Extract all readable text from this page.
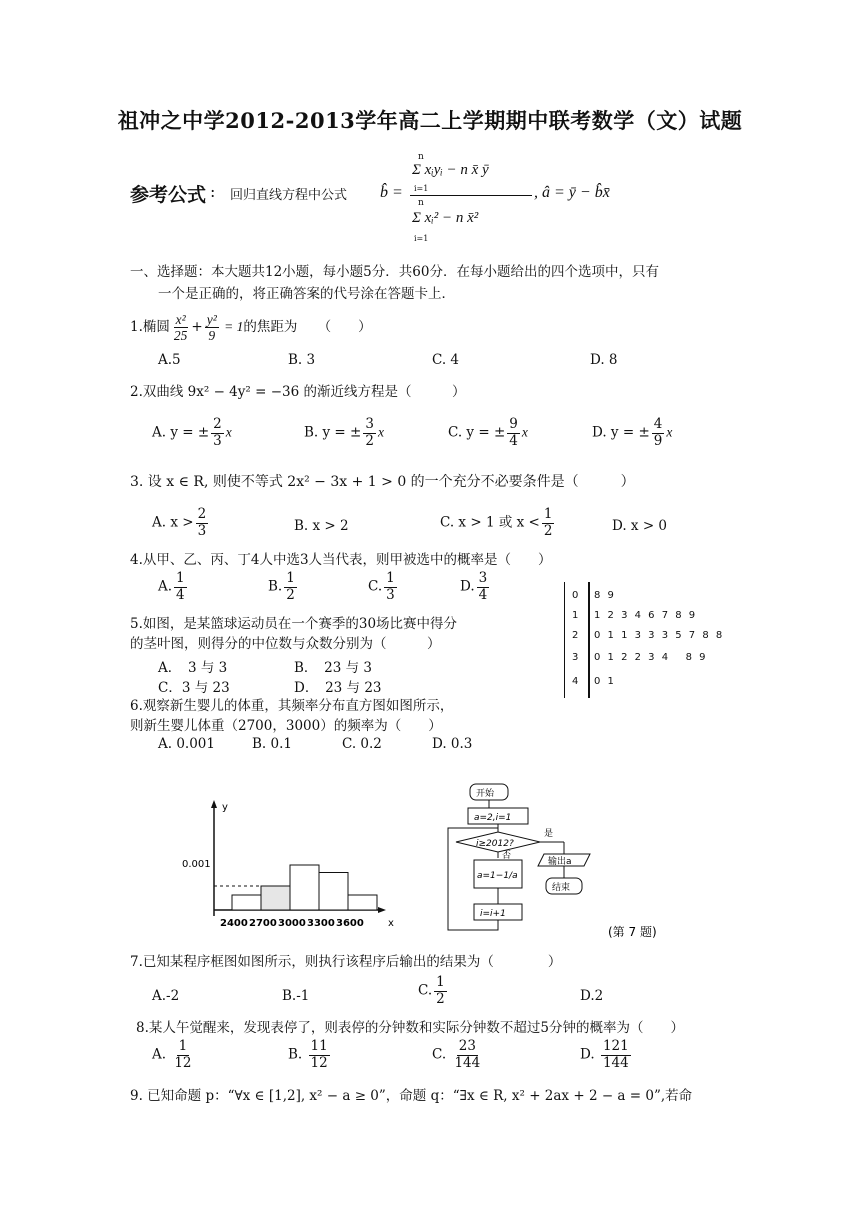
祖冲之中学2012-2013学年高二上学期期中联考数学（文）试题
参考公式 : 回归直线方程中公式 b̂ =
n
Σ xᵢyᵢ − n x̄ ȳ
i=1
n
Σ xᵢ² − n x̄²
i=1
, â = ȳ − b̂x̄
一、选择题：本大题共12小题，每小题5分．共60分．在每小题给出的四个选项中，只有
一个是正确的，将正确答案的代号涂在答题卡上．
1.椭圆 $\frac{\text{x²}}{25} + \frac{\text{y²}}{9} = 1$的焦距为　　（　　）
A.5	B. 3	C. 4	D. 8
2.双曲线 9x² − 4y² = −36 的渐近线方程是（　　　）
A. y = ± $\frac{2}{3}$ x	B. y = ± $\frac{3}{2}$ x	C. y = ± $\frac{9}{4}$ x	D. y = ± $\frac{4}{9}$ x
3. 设 x ∈ R, 则使不等式 2x² − 3x + 1 > 0 的一个充分不必要条件是（　　　）
A. $x > \frac{2}{3}$	B. x > 2	C. x > 1 或 $x < \frac{1}{2}$	D. x > 0
4.从甲、乙、丙、丁4人中选3人当代表，则甲被选中的概率是（　　）
A. $\frac{1}{4}$	B. $\frac{1}{2}$	C. $\frac{1}{3}$	D. $\frac{3}{4}$	0 8 9
1 1 2 3 4 6 7 8 9
2 0 1 1 3 3 3 5 7 8 8
3 0 1 2 2 3 4   8 9
4 0 1
5.如图，是某篮球运动员在一个赛季的30场比赛中得分
的茎叶图，则得分的中位数与众数分别为（　　　）
A．　3 与 3	B．　23 与 3
C．3 与 23	D．　23 与 23
6.观察新生婴儿的体重，其频率分布直方图如图所示，
则新生婴儿体重（2700，3000）的频率为（　　）
A. 0.001	B. 0.1	C. 0.2	D. 0.3
y
x
0.001
2400 2700 3000 3300 3600
开始
a=2,i=1
i≥2012?
是
输出a
结束
否
a=1−1/a
i=i+1
(第 7 题)
7.已知某程序框图如图所示，则执行该程序后输出的结果为（　　　　）
A.-2	B.-1	C. $\frac{1}{2}$	D.2
8.某人午觉醒来，发现表停了，则表停的分钟数和实际分钟数不超过5分钟的概率为（　　）
A. $\frac{1}{12}$	B. $\frac{11}{12}$	C. $\frac{23}{144}$	D. $\frac{121}{144}$
9. 已知命题 p：“∀x ∈ [1,2], x² − a ≥ 0”，命题 q：“∃x ∈ R, x² + 2ax + 2 − a = 0”,若命
